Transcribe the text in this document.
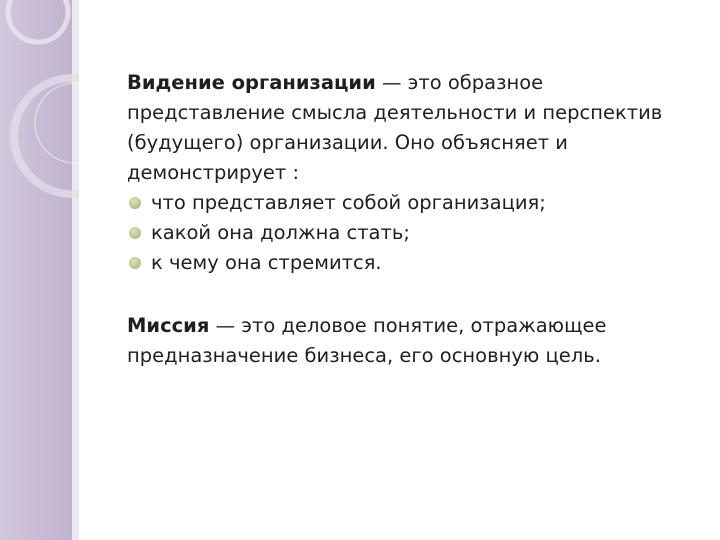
Видение организации — это образное представление смысла деятельности и перспектив (будущего) организации. Оно объясняет и демонстрирует :

что представляет собой организация;
какой она должна стать;
к чему она стремится.

Миссия — это деловое понятие, отражающее предназначение бизнеса, его основную цель.
